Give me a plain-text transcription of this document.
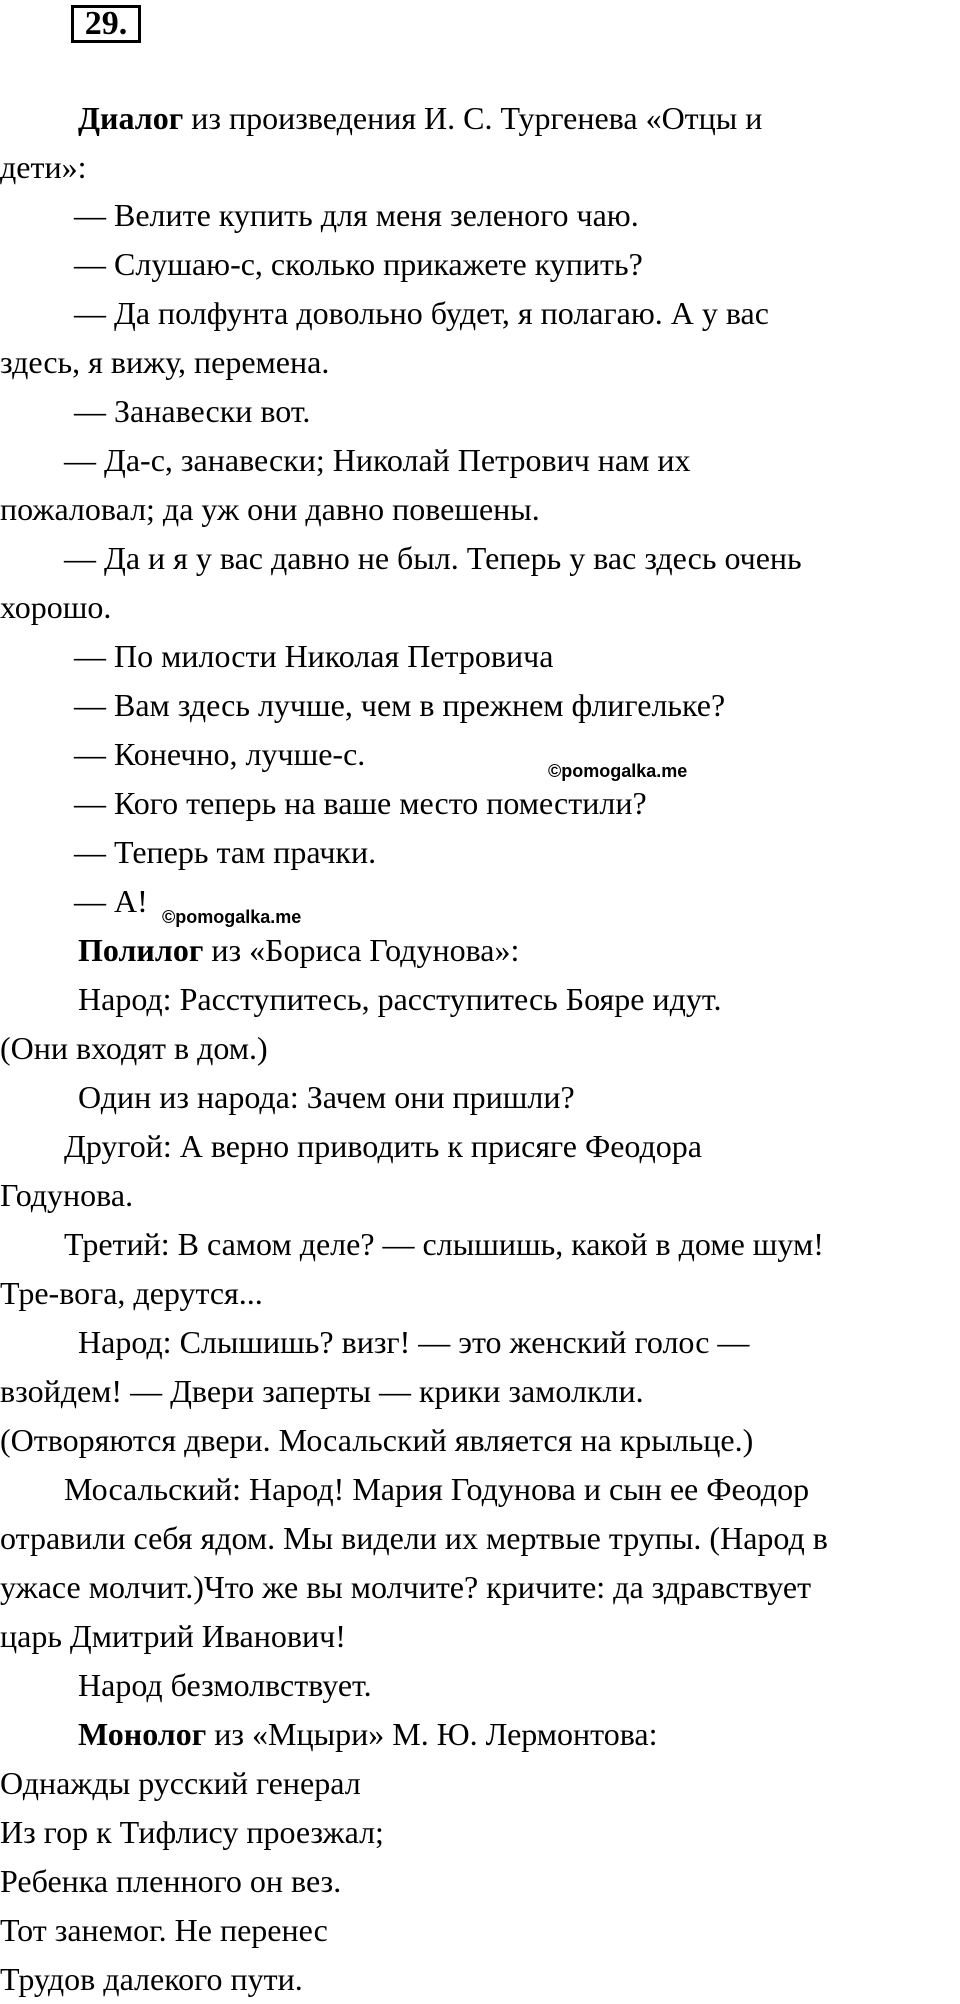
29.
Диалог из произведения И. С. Тургенева «Отцы и
дети»:
— Велите купить для меня зеленого чаю.
— Слушаю-с, сколько прикажете купить?
— Да полфунта довольно будет, я полагаю. А у вас
здесь, я вижу, перемена.
— Занавески вот.
— Да-с, занавески; Николай Петрович нам их
пожаловал; да уж они давно повешены.
— Да и я у вас давно не был. Теперь у вас здесь очень
хорошо.
— По милости Николая Петровича
— Вам здесь лучше, чем в прежнем флигельке?
— Конечно, лучше-с.
— Кого теперь на ваше место поместили?
— Теперь там прачки.
— А!
©pomogalka.me
©pomogalka.me
Полилог из «Бориса Годунова»:
Народ: Расступитесь, расступитесь Бояре идут.
(Они входят в дом.)
Один из народа: Зачем они пришли?
Другой: А верно приводить к присяге Феодора
Годунова.
Третий: В самом деле? — слышишь, какой в доме шум!
Тре-вога, дерутся...
Народ: Слышишь? визг! — это женский голос —
взойдем! — Двери заперты — крики замолкли.
(Отворяются двери. Мосальский является на крыльце.)
Мосальский: Народ! Мария Годунова и сын ее Феодор
отравили себя ядом. Мы видели их мертвые трупы. (Народ в
ужасе молчит.)Что же вы молчите? кричите: да здравствует
царь Дмитрий Иванович!
Народ безмолвствует.
Монолог из «Мцыри» М. Ю. Лермонтова:
Однажды русский генерал
Из гор к Тифлису проезжал;
Ребенка пленного он вез.
Тот занемог. Не перенес
Трудов далекого пути.
